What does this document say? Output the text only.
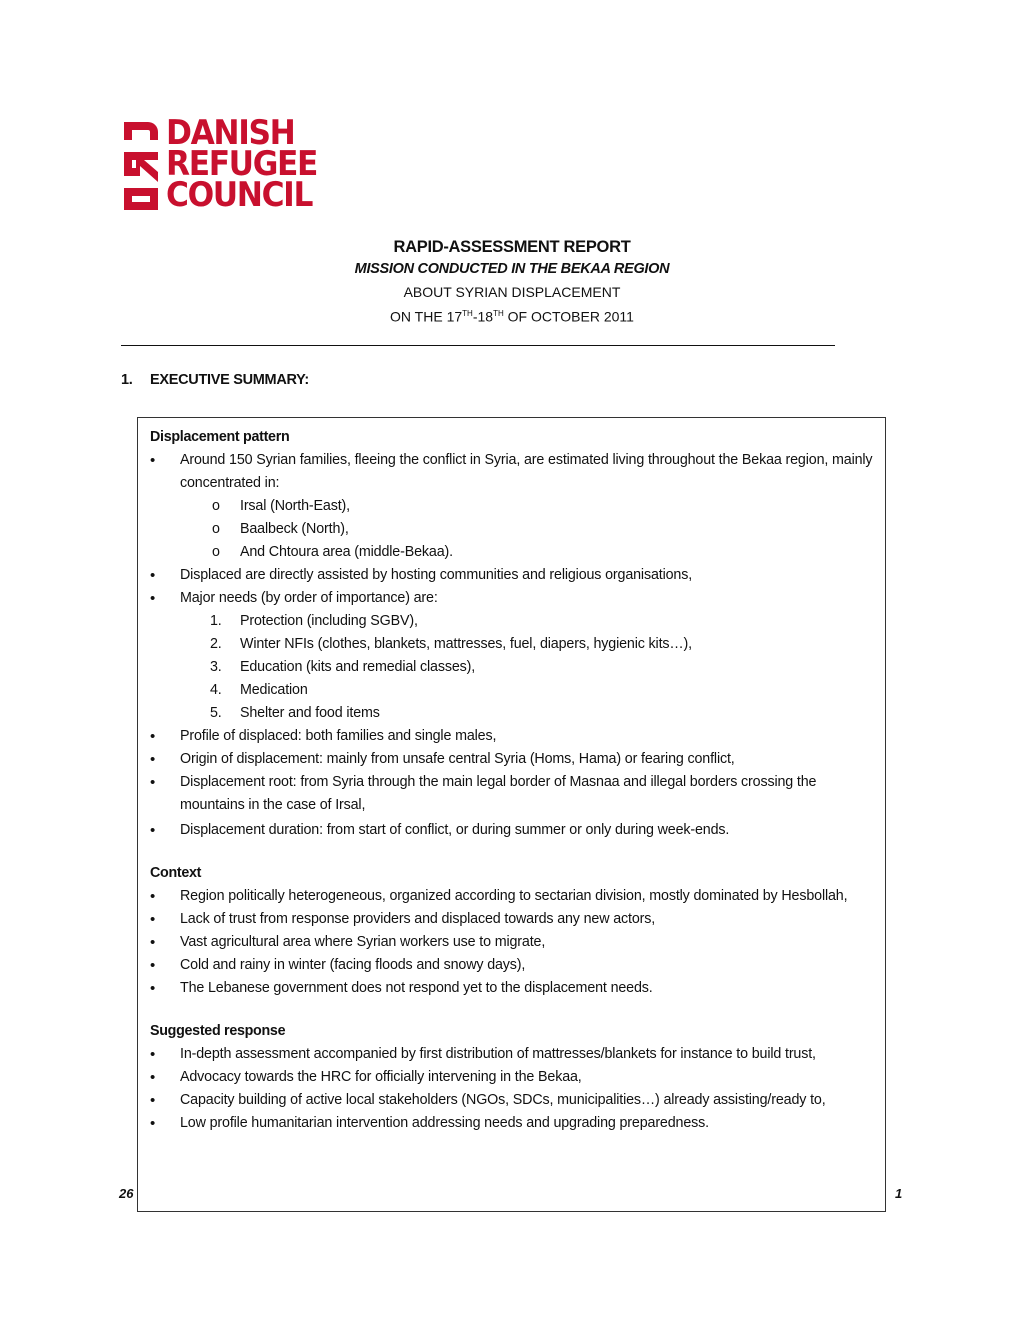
DANISH
REFUGEE
COUNCIL
RAPID-ASSESSMENT REPORT
MISSION CONDUCTED IN THE BEKAA REGION
ABOUT SYRIAN DISPLACEMENT
ON THE 17TH-18TH OF OCTOBER 2011
1. EXECUTIVE SUMMARY:

Displacement pattern

• Around 150 Syrian families, fleeing the conflict in Syria, are estimated living throughout the Bekaa region, mainly concentrated in:
o Irsal (North-East),
o Baalbeck (North),
o And Chtoura area (middle-Bekaa).
• Displaced are directly assisted by hosting communities and religious organisations,
• Major needs (by order of importance) are:
1. Protection (including SGBV),
2. Winter NFIs (clothes, blankets, mattresses, fuel, diapers, hygienic kits…),
3. Education (kits and remedial classes),
4. Medication
5. Shelter and food items
• Profile of displaced: both families and single males,
• Origin of displacement: mainly from unsafe central Syria (Homs, Hama) or fearing conflict,
• Displacement root: from Syria through the main legal border of Masnaa and illegal borders crossing the mountains in the case of Irsal,
• Displacement duration: from start of conflict, or during summer or only during week-ends.

Context

• Region politically heterogeneous, organized according to sectarian division, mostly dominated by Hesbollah,
• Lack of trust from response providers and displaced towards any new actors,
• Vast agricultural area where Syrian workers use to migrate,
• Cold and rainy in winter (facing floods and snowy days),
• The Lebanese government does not respond yet to the displacement needs.

Suggested response

• In-depth assessment accompanied by first distribution of mattresses/blankets for instance to build trust,
• Advocacy towards the HRC for officially intervening in the Bekaa,
• Capacity building of active local stakeholders (NGOs, SDCs, municipalities…) already assisting/ready to,
• Low profile humanitarian intervention addressing needs and upgrading preparedness.
26	1
